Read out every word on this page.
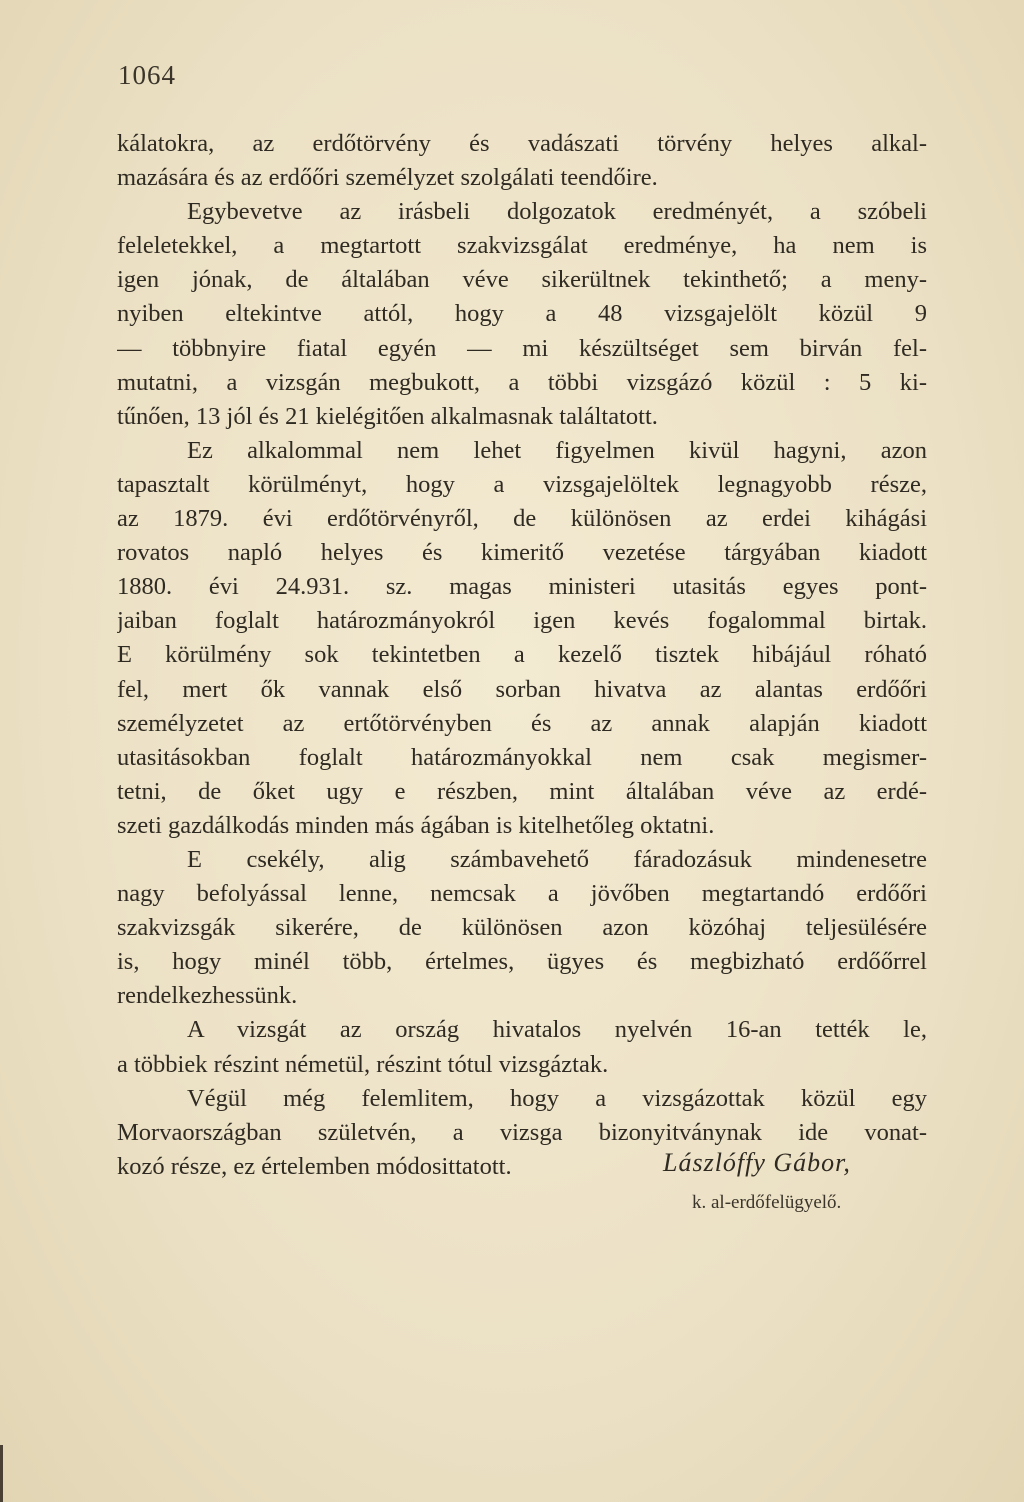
1064
kálatokra, az erdőtörvény és vadászati törvény helyes alkal-
mazására és az erdőőri személyzet szolgálati teendőire.
Egybevetve az irásbeli dolgozatok eredményét, a szóbeli
feleletekkel, a megtartott szakvizsgálat eredménye, ha nem is
igen jónak, de általában véve sikerültnek tekinthető; a meny-
nyiben eltekintve attól, hogy a 48 vizsgajelölt közül 9
— többnyire fiatal egyén — mi készültséget sem birván fel-
mutatni, a vizsgán megbukott, a többi vizsgázó közül : 5 ki-
tűnően, 13 jól és 21 kielégitően alkalmasnak találtatott.
Ez alkalommal nem lehet figyelmen kivül hagyni, azon
tapasztalt körülményt, hogy a vizsgajelöltek legnagyobb része,
az 1879. évi erdőtörvényről, de különösen az erdei kihágási
rovatos napló helyes és kimeritő vezetése tárgyában kiadott
1880. évi 24.931. sz. magas ministeri utasitás egyes pont-
jaiban foglalt határozmányokról igen kevés fogalommal birtak.
E körülmény sok tekintetben a kezelő tisztek hibájául róható
fel, mert ők vannak első sorban hivatva az alantas erdőőri
személyzetet az ertőtörvényben és az annak alapján kiadott
utasitásokban foglalt határozmányokkal nem csak megismer-
tetni, de őket ugy e részben, mint általában véve az erdé-
szeti gazdálkodás minden más ágában is kitelhetőleg oktatni.
E csekély, alig számbavehető fáradozásuk mindenesetre
nagy befolyással lenne, nemcsak a jövőben megtartandó erdőőri
szakvizsgák sikerére, de különösen azon közóhaj teljesülésére
is, hogy minél több, értelmes, ügyes és megbizható erdőőrrel
rendelkezhessünk.
A vizsgát az ország hivatalos nyelvén 16-an tették le,
a többiek részint németül, részint tótul vizsgáztak.
Végül még felemlitem, hogy a vizsgázottak közül egy
Morvaországban születvén, a vizsga bizonyitványnak ide vonat-
kozó része, ez értelemben módosittatott.	Lászlóffy Gábor,
k. al-erdőfelügyelő.
